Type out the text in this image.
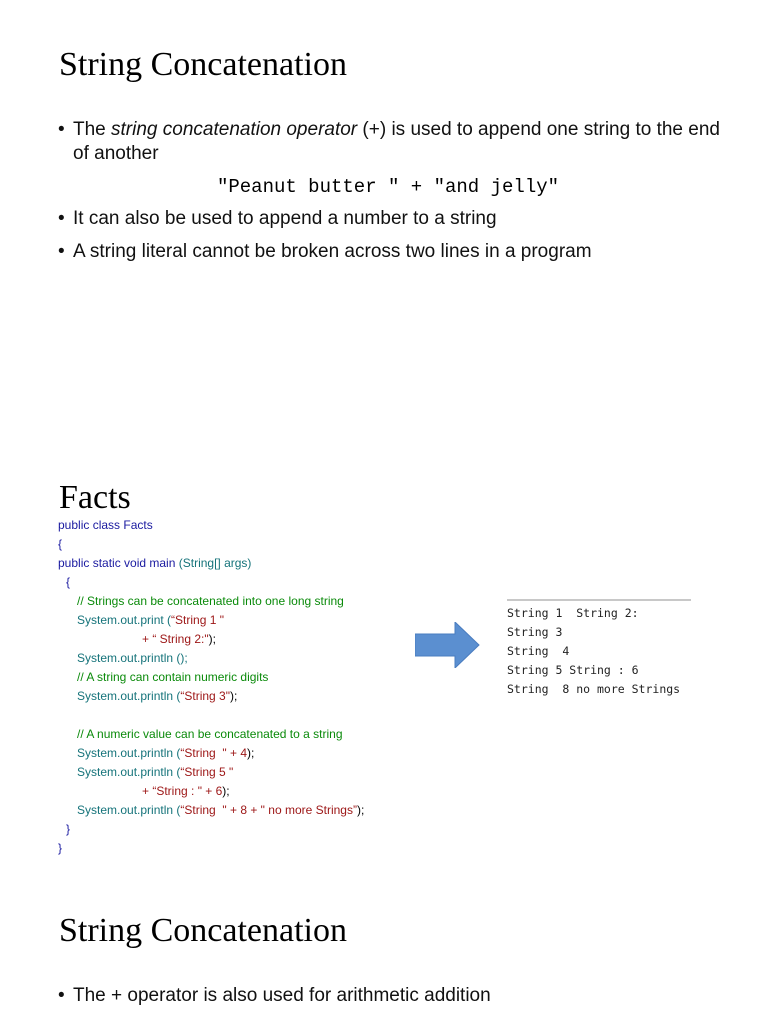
String Concatenation
• The string concatenation operator (+) is used to append one string to the end of another
"Peanut butter " + "and jelly"
• It can also be used to append a number to a string
• A string literal cannot be broken across two lines in a program
Facts
public class Facts
{
public static void main (String[] args)
{
// Strings can be concatenated into one long string
System.out.print (“String 1 "
+ “ String 2:");
System.out.println ();
// A string can contain numeric digits
System.out.println (“String 3");
// A numeric value can be concatenated to a string
System.out.println (“String  " + 4);
System.out.println (“String 5 "
+ “String : " + 6);
System.out.println (“String  " + 8 + " no more Strings”);
}
}
String 1  String 2:
String 3
String  4
String 5 String : 6
String  8 no more Strings
String Concatenation
• The + operator is also used for arithmetic addition
